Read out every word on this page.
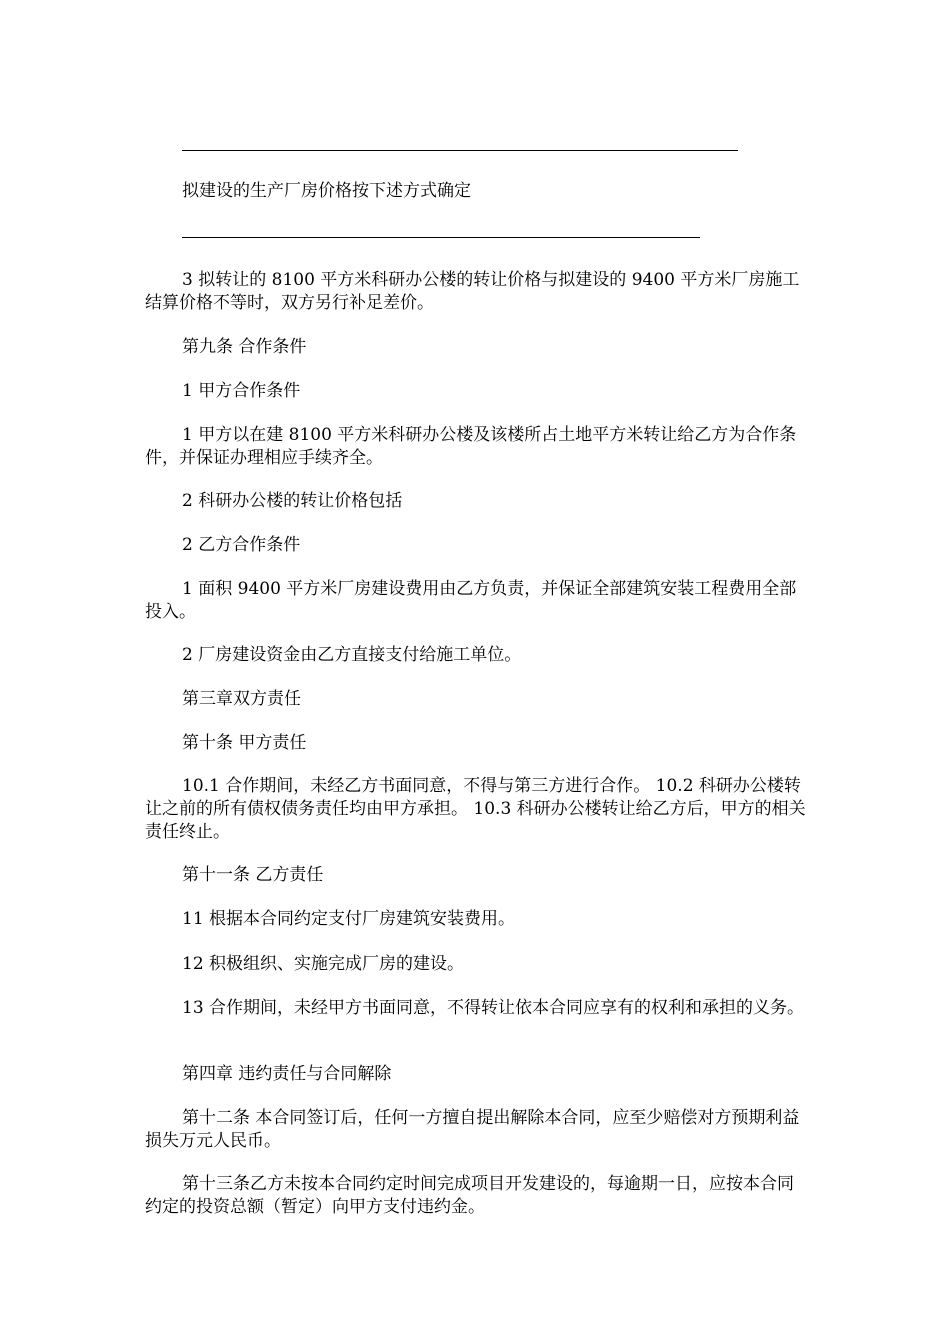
拟建设的生产厂房价格按下述方式确定
3 拟转让的 8100 平方米科研办公楼的转让价格与拟建设的 9400 平方米厂房施工结算价格不等时，双方另行补足差价。
第九条 合作条件
1 甲方合作条件
1 甲方以在建 8100 平方米科研办公楼及该楼所占土地平方米转让给乙方为合作条件，并保证办理相应手续齐全。
2 科研办公楼的转让价格包括
2 乙方合作条件
1 面积 9400 平方米厂房建设费用由乙方负责，并保证全部建筑安装工程费用全部投入。
2 厂房建设资金由乙方直接支付给施工单位。
第三章双方责任
第十条 甲方责任
10.1 合作期间，未经乙方书面同意，不得与第三方进行合作。 10.2 科研办公楼转让之前的所有债权债务责任均由甲方承担。 10.3 科研办公楼转让给乙方后，甲方的相关责任终止。
第十一条 乙方责任
11 根据本合同约定支付厂房建筑安装费用。
12 积极组织、实施完成厂房的建设。
13 合作期间，未经甲方书面同意，不得转让依本合同应享有的权利和承担的义务。
第四章 违约责任与合同解除
第十二条 本合同签订后，任何一方擅自提出解除本合同，应至少赔偿对方预期利益损失万元人民币。
第十三条乙方未按本合同约定时间完成项目开发建设的，每逾期一日，应按本合同约定的投资总额（暂定）向甲方支付违约金。
